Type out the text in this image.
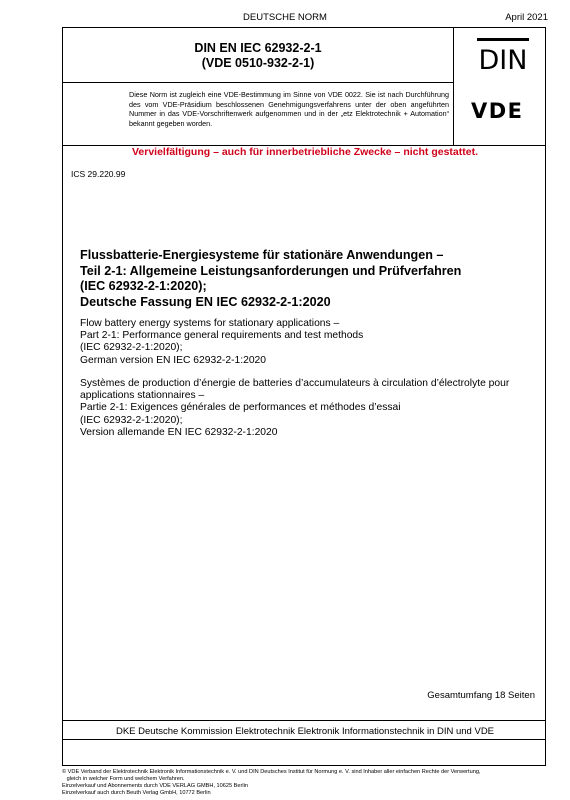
DEUTSCHE NORM	April 2021
DIN EN IEC 62932-2-1
(VDE 0510-932-2-1)
Diese Norm ist zugleich eine VDE-Bestimmung im Sinne von VDE 0022. Sie ist nach Durchführung des vom VDE-Präsidium beschlossenen Genehmigungsverfahrens unter der oben angeführten Nummer in das VDE-Vorschriftenwerk aufgenommen und in der „etz Elektrotechnik + Automation“ bekannt gegeben worden.
DIN
VDE
Vervielfältigung – auch für innerbetriebliche Zwecke – nicht gestattet.
ICS 29.220.99
Flussbatterie-Energiesysteme für stationäre Anwendungen –
Teil 2-1: Allgemeine Leistungsanforderungen und Prüfverfahren
(IEC 62932-2-1:2020);
Deutsche Fassung EN IEC 62932-2-1:2020
Flow battery energy systems for stationary applications –
Part 2-1: Performance general requirements and test methods
(IEC 62932-2-1:2020);
German version EN IEC 62932-2-1:2020
Systèmes de production d’énergie de batteries d’accumulateurs à circulation d’électrolyte pour
applications stationnaires –
Partie 2-1: Exigences générales de performances et méthodes d’essai
(IEC 62932-2-1:2020);
Version allemande EN IEC 62932-2-1:2020
Gesamtumfang 18 Seiten
DKE Deutsche Kommission Elektrotechnik Elektronik Informationstechnik in DIN und VDE
© VDE Verband der Elektrotechnik Elektronik Informationstechnik e. V. und DIN Deutsches Institut für Normung e. V. sind Inhaber aller einfachen Rechte der Verwertung,
gleich in welcher Form und welchem Verfahren.
Einzelverkauf und Abonnements durch VDE VERLAG GMBH, 10625 Berlin
Einzelverkauf auch durch Beuth Verlag GmbH, 10772 Berlin
